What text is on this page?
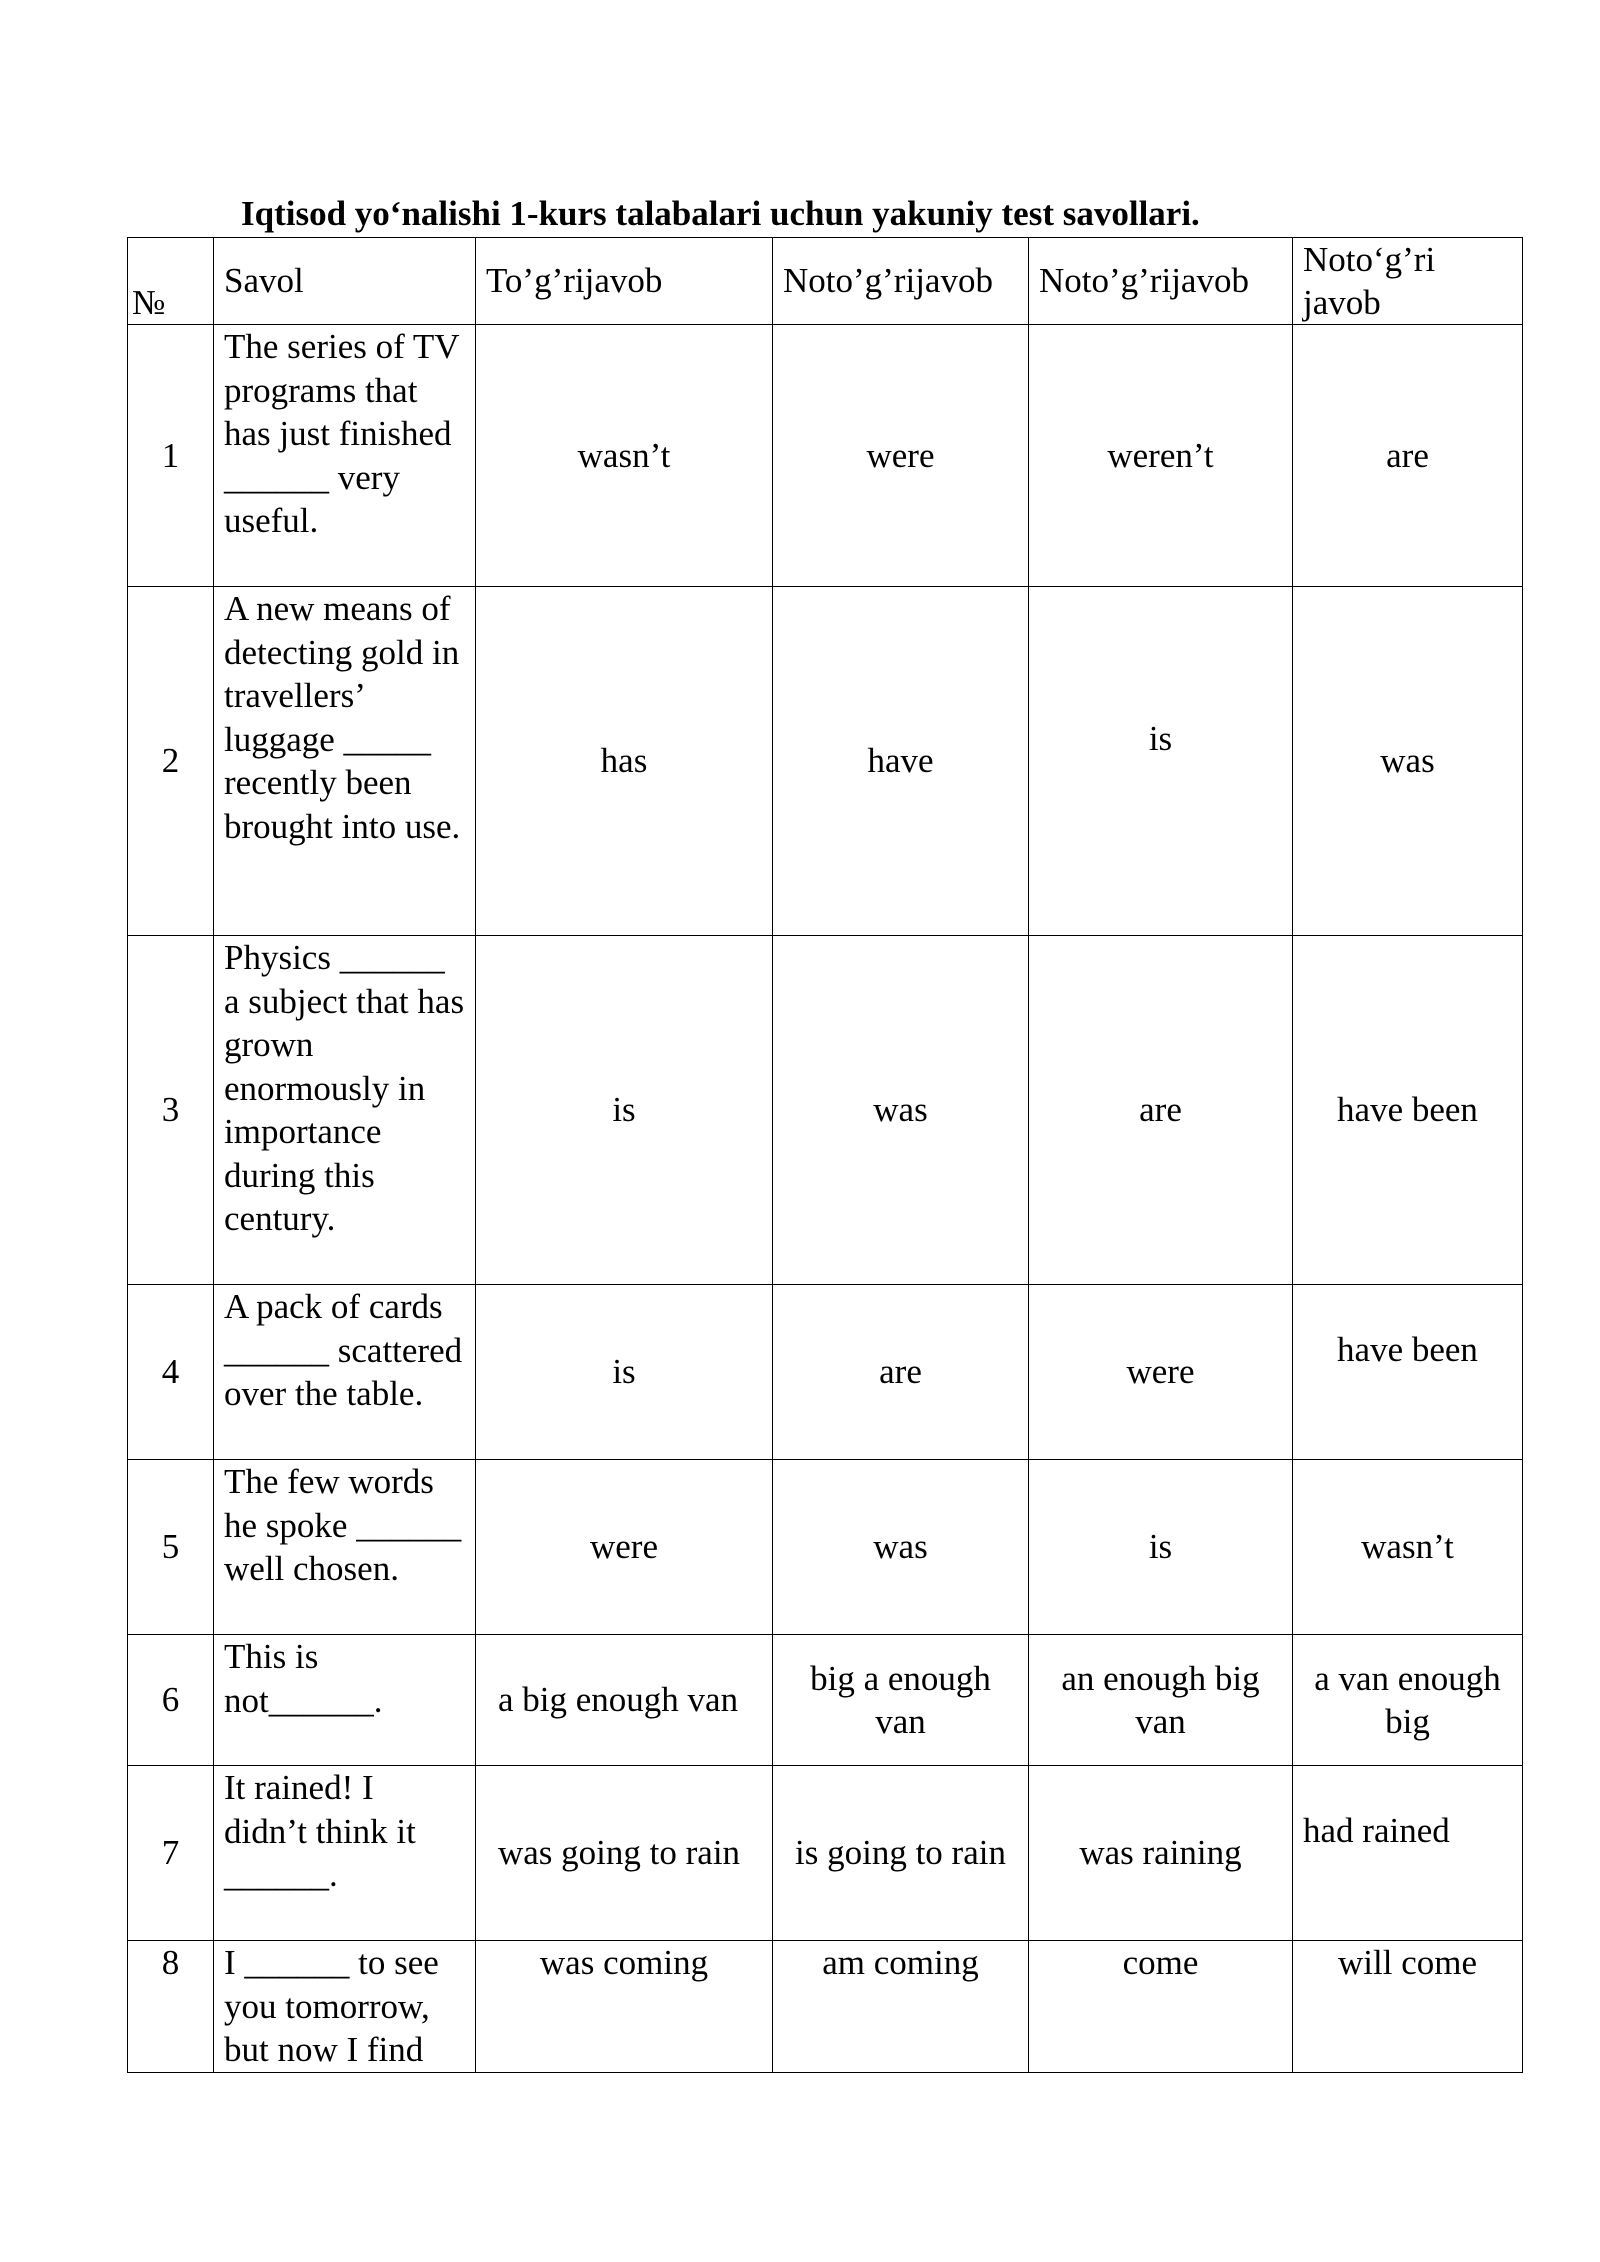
Iqtisod yo‘nalishi 1-kurs talabalari uchun yakuniy test savollari.
№	Savol	To’g’rijavob	Noto’g’rijavob	Noto’g’rijavob	Noto‘g’ri javob
1	The series of TV programs that has just finished ______ very useful.	wasn’t	were	weren’t	are
2	A new means of detecting gold in travellers’ luggage _____ recently been brought into use.	has	have	is	was
3	Physics ______ a subject that has grown enormously in importance during this century.	is	was	are	have been
4	A pack of cards ______ scattered over the table.	is	are	were	have been
5	The few words he spoke ______ well chosen.	were	was	is	wasn’t
6	This is not______.	a big enough van	big a enough van	an enough big van	a van enough big
7	It rained! I didn’t think it ______.	was going to rain	is going to rain	was raining	had rained
8	I ______ to see you tomorrow, but now I find	was coming	am coming	come	will come
